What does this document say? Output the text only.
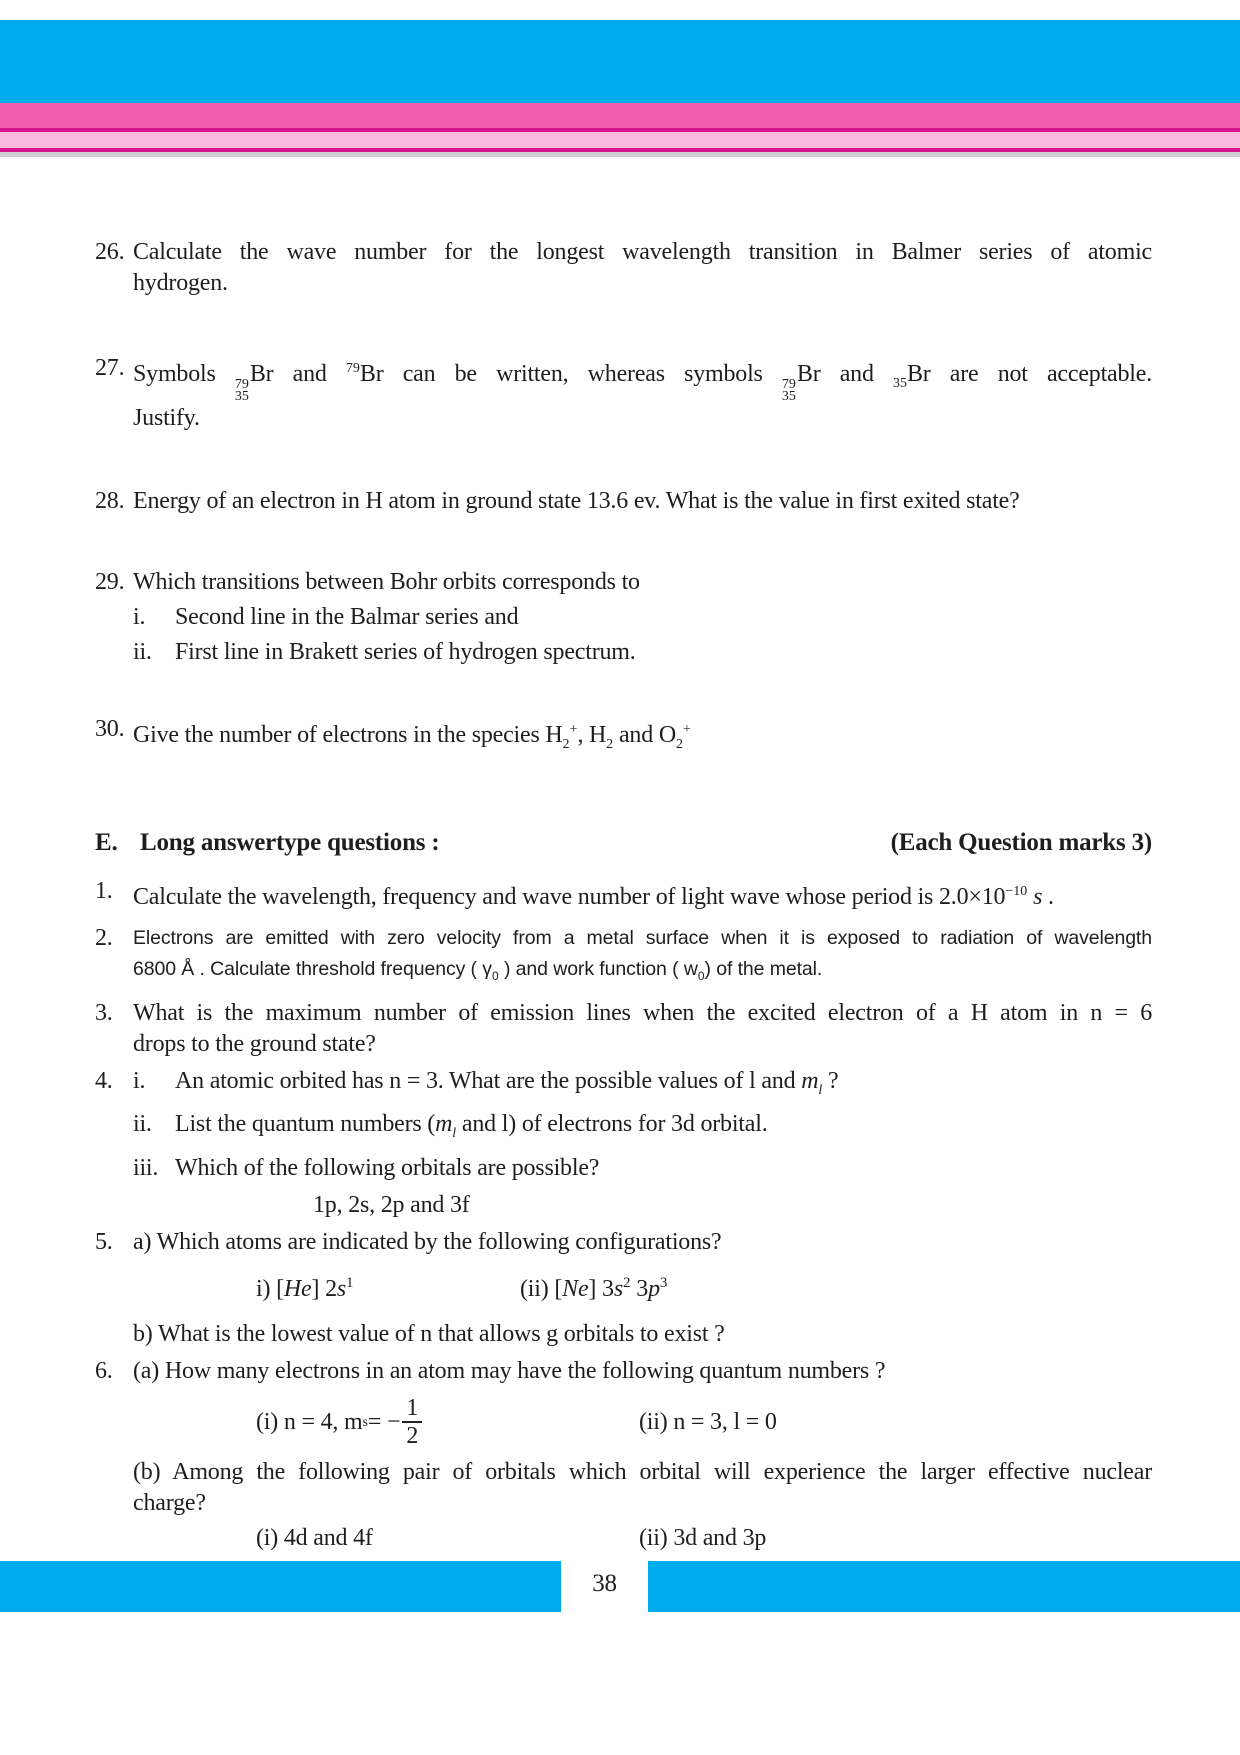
26. Calculate the wave number for the longest wavelength transition in Balmer series of atomic
hydrogen.
27. Symbols 79
35
Br and $^{79}$Br can be written, whereas symbols 79
35
Br and $_{35}$Br are not acceptable.
Justify.
28. Energy of an electron in H atom in ground state 13.6 ev. What is the value in first exited state?
29. Which transitions between Bohr orbits corresponds to
i.	Second line in the Balmar series and
ii. First line in Brakett series of hydrogen spectrum.
30. Give the number of electrons in the species $H_2^+$, $H_2$ and $O_2^+$
E. Long answertype questions :	(Each Question marks 3)
1. Calculate the wavelength, frequency and wave number of light wave whose period is $2.0\times 10^{-10}$ s .
2.	Electrons are emitted with zero velocity from a metal surface when it is exposed to radiation of wavelength
6800 Å . Calculate threshold frequency ( $\gamma_0$ ) and work function ( $w_0$) of the metal.
3. What is the maximum number of emission lines when the excited electron of a H atom in n = 6
drops to the ground state?
4. i.	An atomic orbited has n = 3. What are the possible values of l and $m_l$ ?
ii. List the quantum numbers ($m_l$ and l) of electrons for 3d orbital.
iii. Which of the following orbitals are possible?
1p, 2s, 2p and 3f
5. a) Which atoms are indicated by the following configurations?
i) [He] $2s^1$	(ii) [Ne] $3s^2$ $3p^3$
b) What is the lowest value of n that allows g orbitals to exist ?
6. (a) How many electrons in an atom may have the following quantum numbers ?
(i) n = 4, m s = − $\frac{1}{2}$	(ii) n = 3, l = 0
(b) Among the following pair of orbitals which orbital will experience the larger effective nuclear
charge?
(i) 4d and 4f	(ii) 3d and 3p
38
